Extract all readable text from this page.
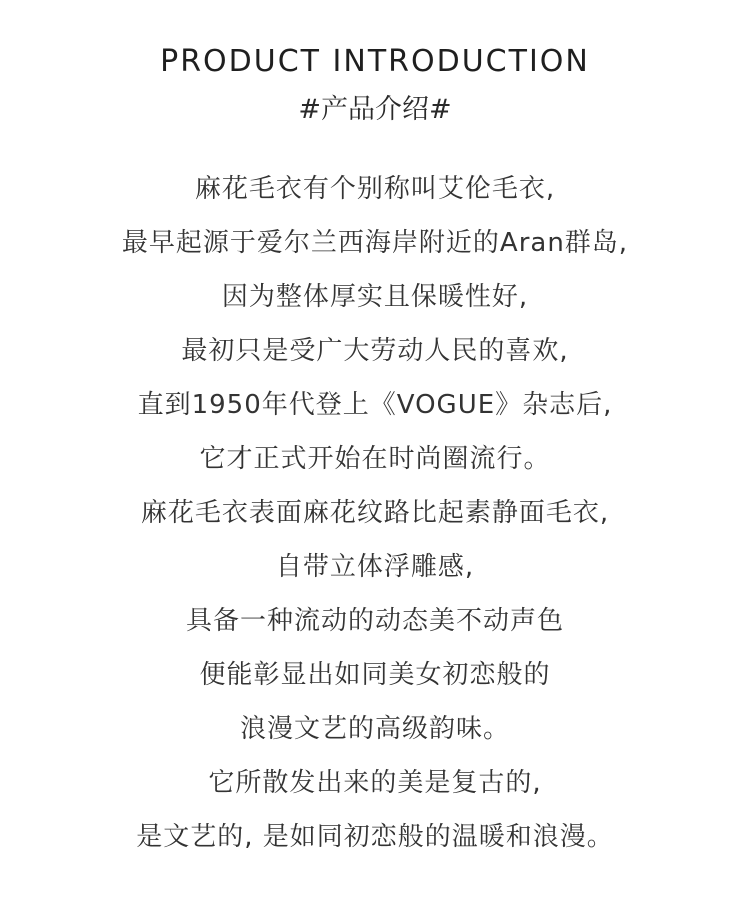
PRODUCT INTRODUCTION
#产品介绍#
麻花毛衣有个别称叫艾伦毛衣,
最早起源于爱尔兰西海岸附近的Aran群岛,
因为整体厚实且保暖性好,
最初只是受广大劳动人民的喜欢,
直到1950年代登上《VOGUE》杂志后,
它才正式开始在时尚圈流行。
麻花毛衣表面麻花纹路比起素静面毛衣,
自带立体浮雕感,
具备一种流动的动态美不动声色
便能彰显出如同美女初恋般的
浪漫文艺的高级韵味。
它所散发出来的美是复古的,
是文艺的, 是如同初恋般的温暖和浪漫。
